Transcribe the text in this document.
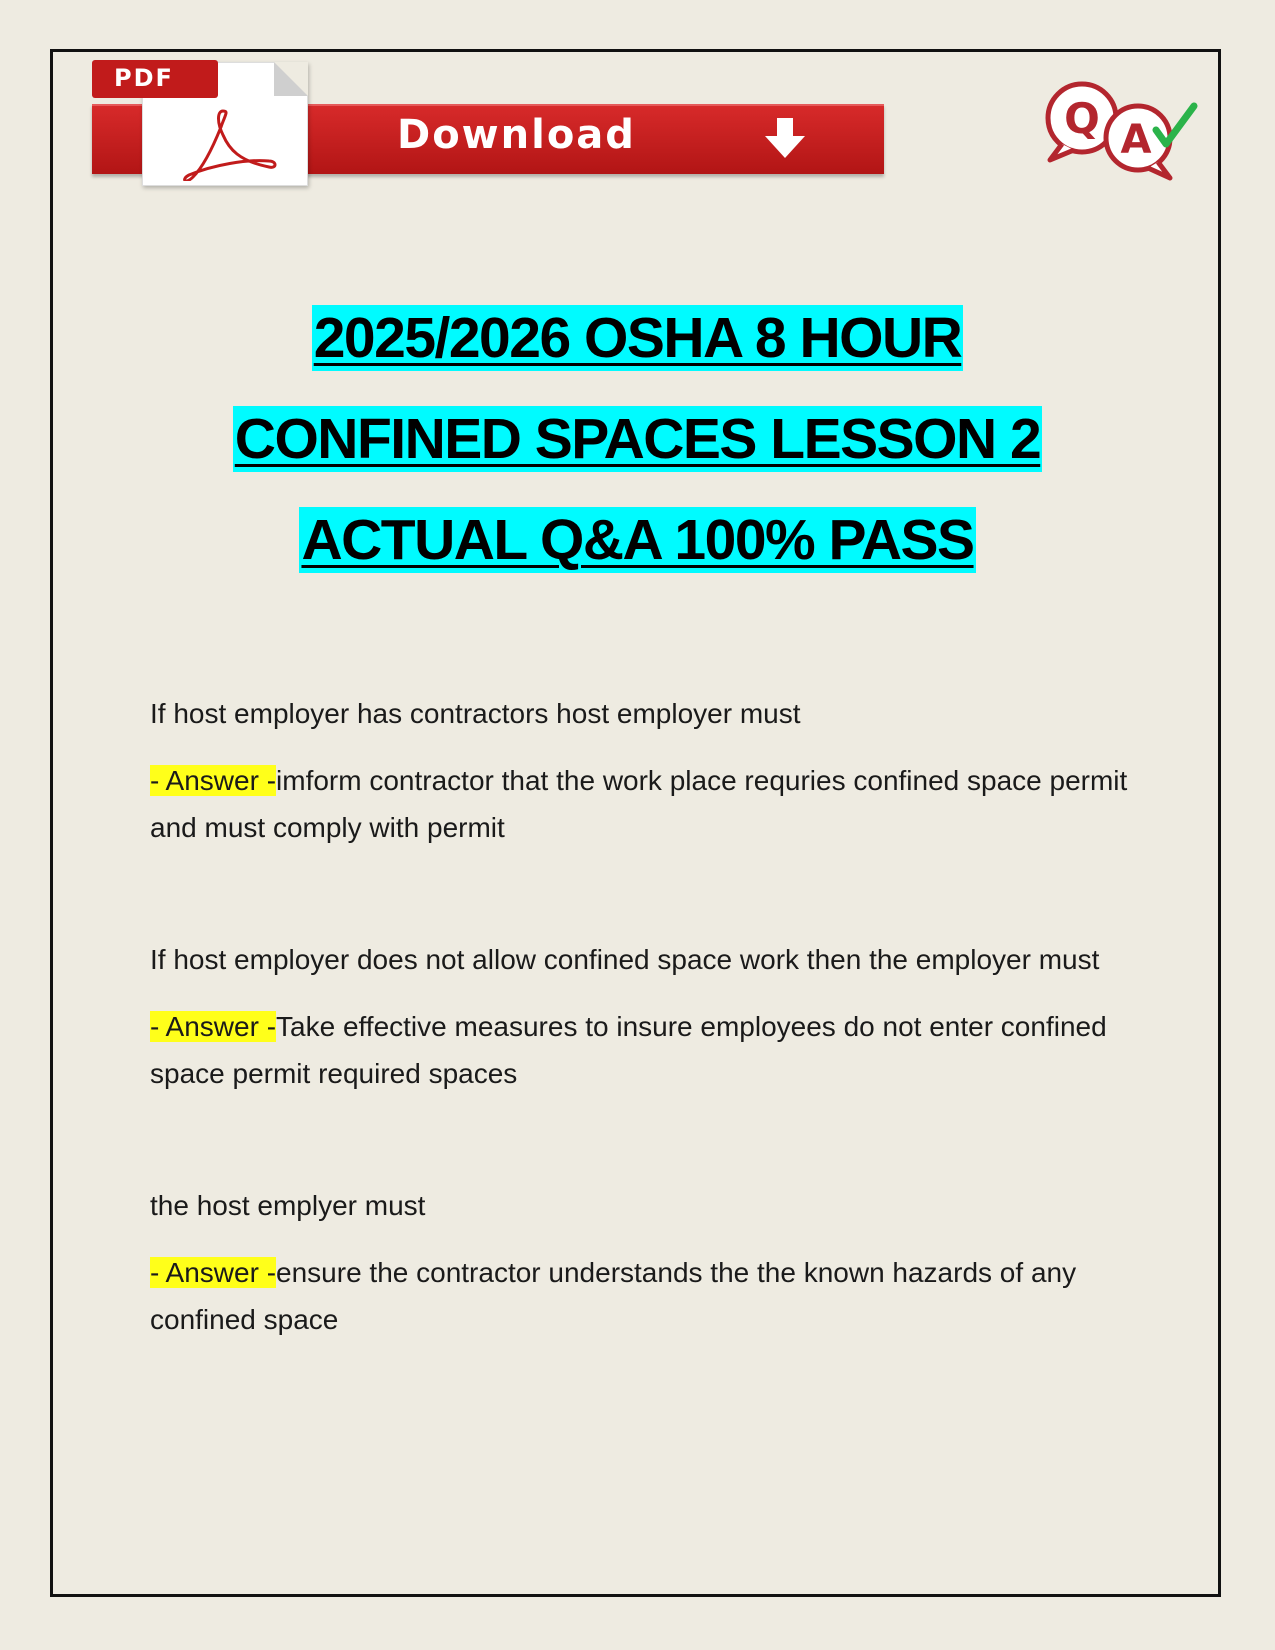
Download
PDF
Q A
2025/2026 OSHA 8 HOUR
CONFINED SPACES LESSON 2
ACTUAL Q&A 100% PASS

If host employer has contractors host employer must

- Answer -imform contractor that the work place requries confined space permit and must comply with permit

If host employer does not allow confined space work then the employer must

- Answer -Take effective measures to insure employees do not enter confined space permit required spaces

the host emplyer must

- Answer -ensure the contractor understands the the known hazards of any confined space
